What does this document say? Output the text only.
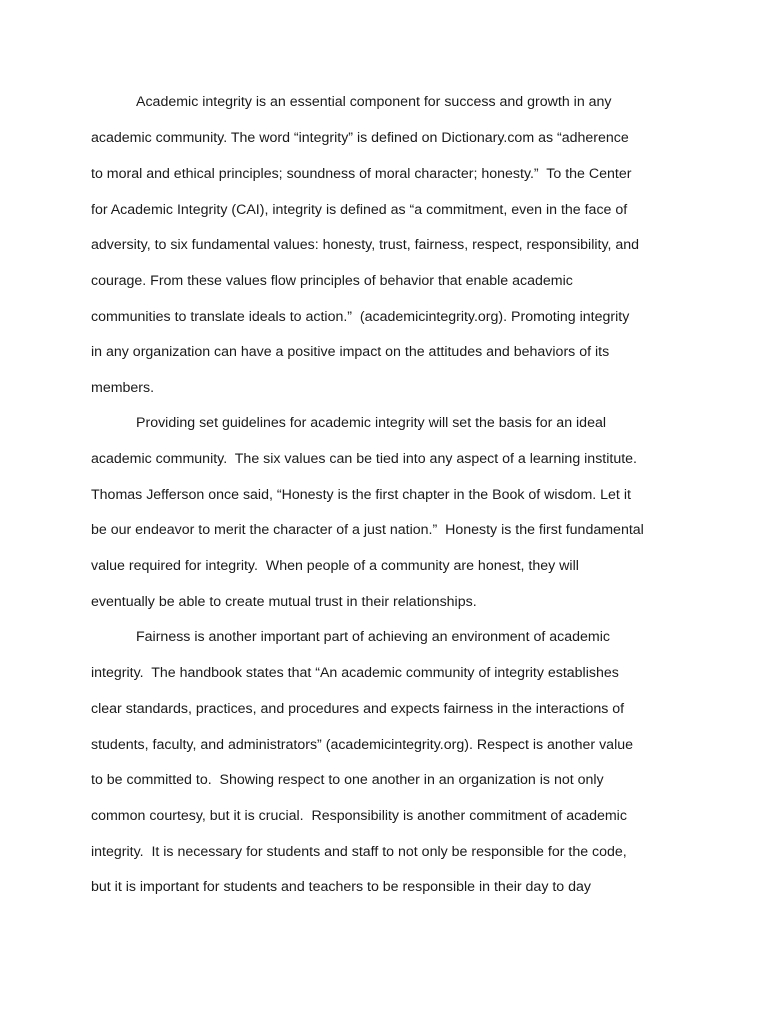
Academic integrity is an essential component for success and growth in any

academic community. The word “integrity” is defined on Dictionary.com as “adherence

to moral and ethical principles; soundness of moral character; honesty.”  To the Center

for Academic Integrity (CAI), integrity is defined as “a commitment, even in the face of

adversity, to six fundamental values: honesty, trust, fairness, respect, responsibility, and

courage. From these values flow principles of behavior that enable academic

communities to translate ideals to action.”  (academicintegrity.org). Promoting integrity

in any organization can have a positive impact on the attitudes and behaviors of its

members.

Providing set guidelines for academic integrity will set the basis for an ideal

academic community.  The six values can be tied into any aspect of a learning institute.

Thomas Jefferson once said, “Honesty is the first chapter in the Book of wisdom. Let it

be our endeavor to merit the character of a just nation.”  Honesty is the first fundamental

value required for integrity.  When people of a community are honest, they will

eventually be able to create mutual trust in their relationships.

Fairness is another important part of achieving an environment of academic

integrity.  The handbook states that “An academic community of integrity establishes

clear standards, practices, and procedures and expects fairness in the interactions of

students, faculty, and administrators” (academicintegrity.org). Respect is another value

to be committed to.  Showing respect to one another in an organization is not only

common courtesy, but it is crucial.  Responsibility is another commitment of academic

integrity.  It is necessary for students and staff to not only be responsible for the code,

but it is important for students and teachers to be responsible in their day to day
